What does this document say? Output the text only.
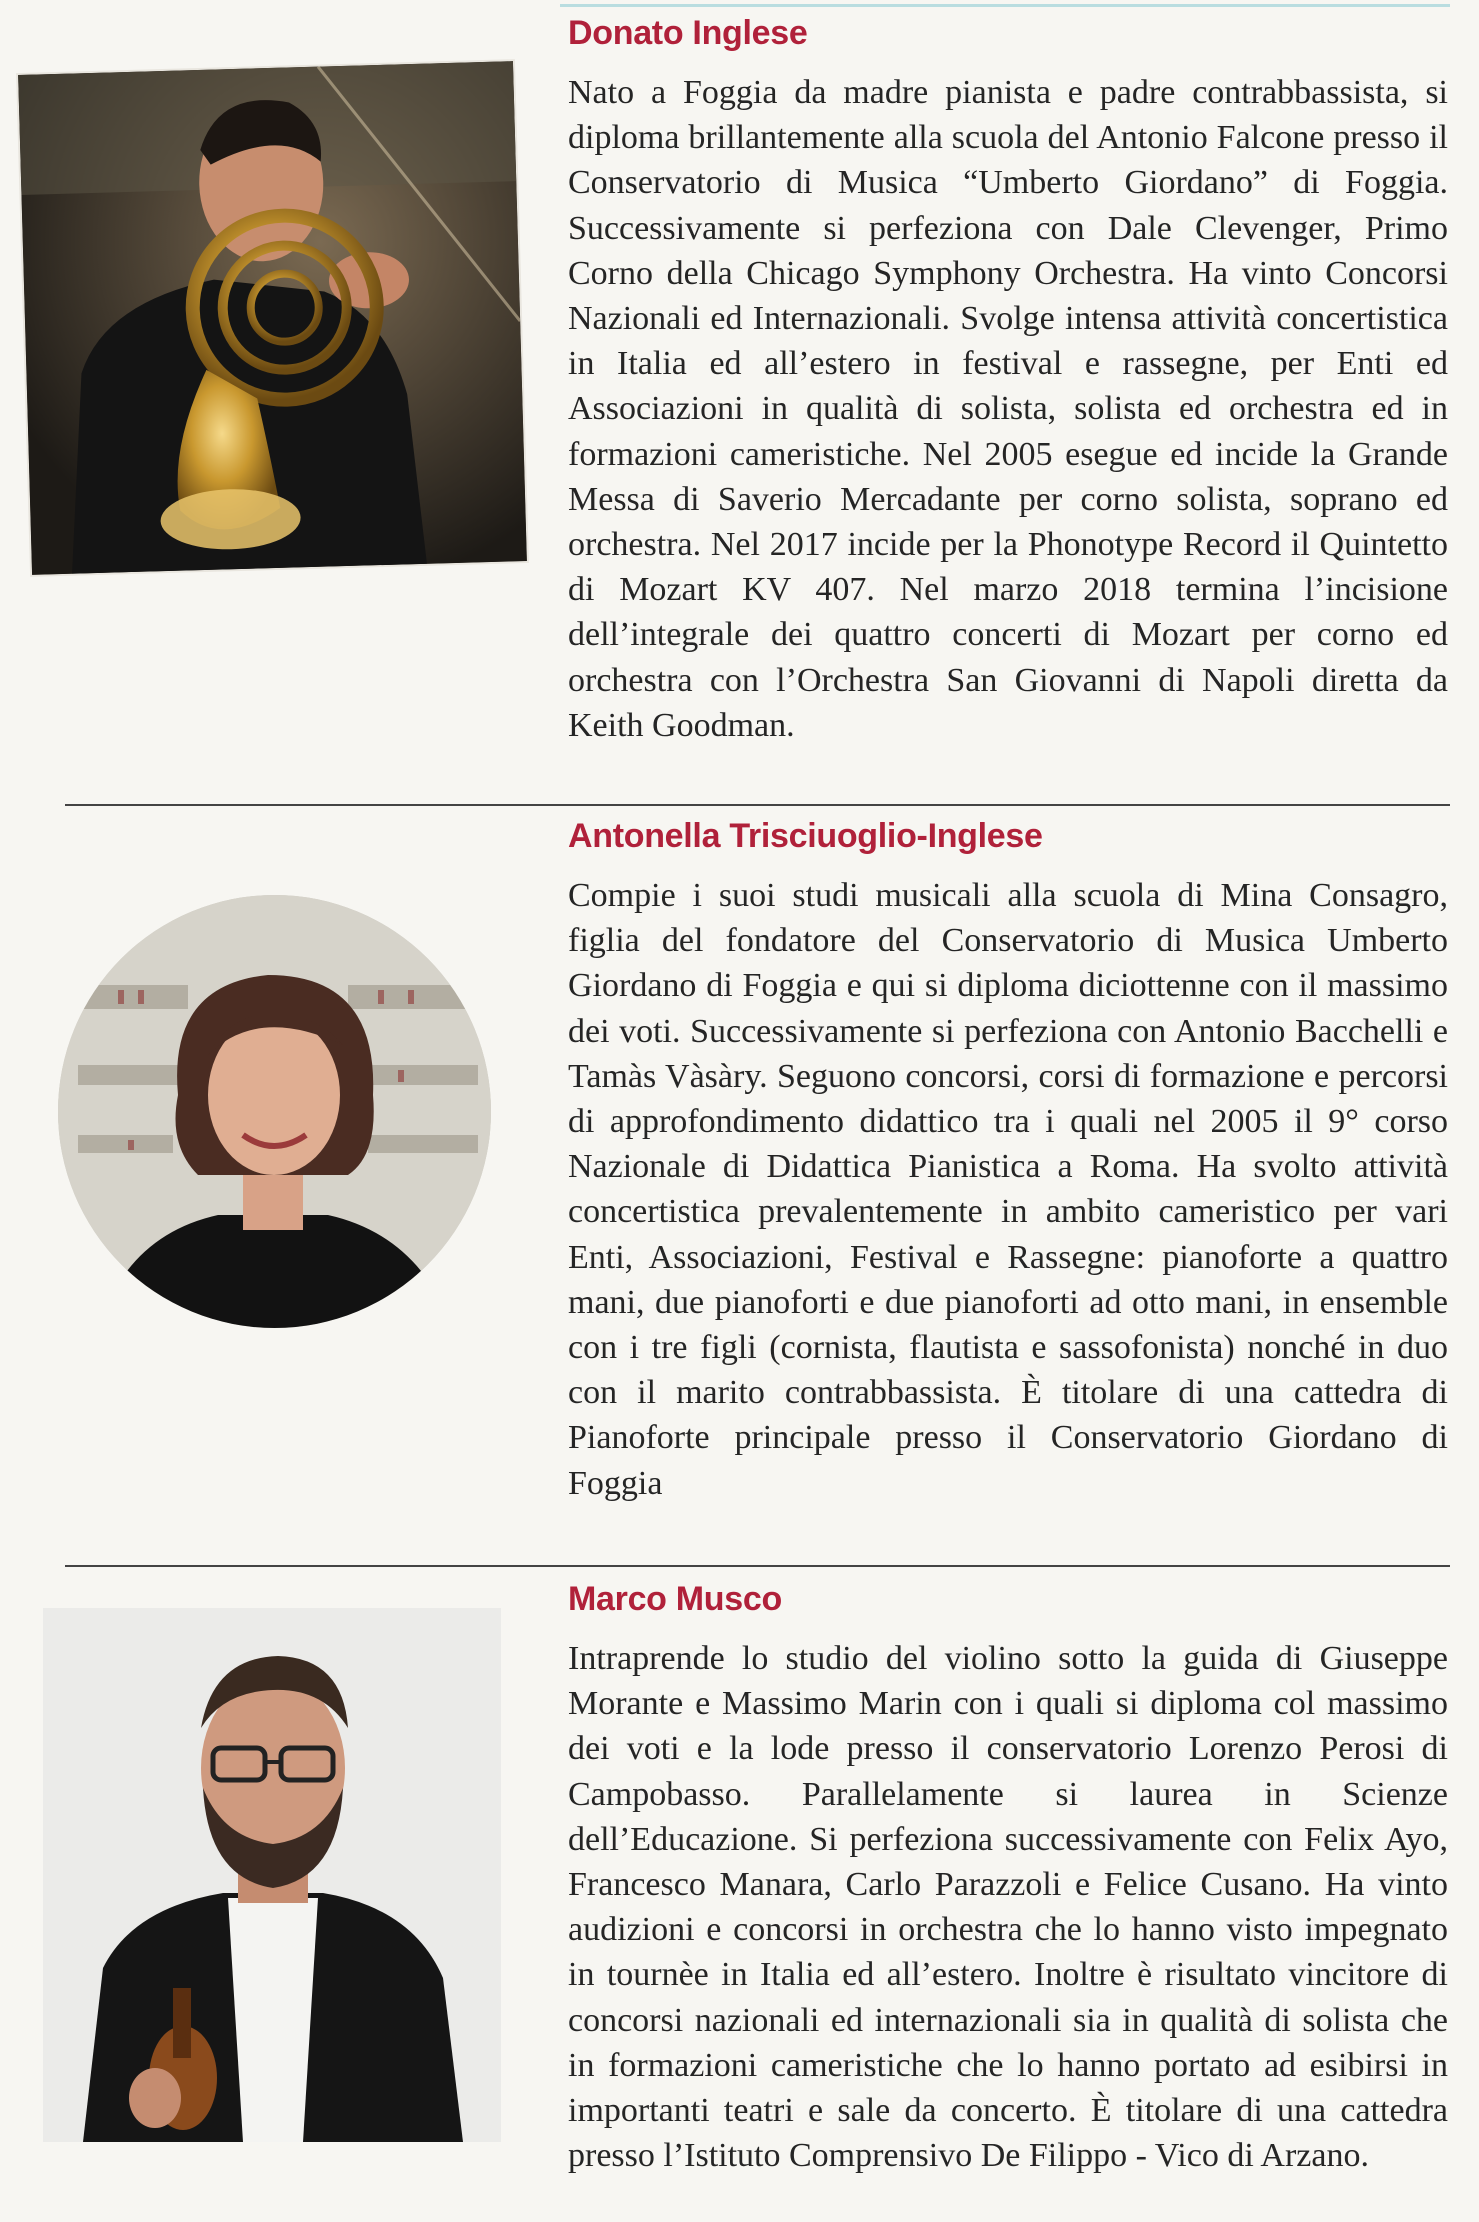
Donato Inglese

Nato a Foggia da madre pianista e padre contrabbassista, si diploma brillantemente alla scuola del Antonio Falcone presso il Conservatorio di Musica “Umberto Giordano” di Foggia. Successivamente si perfeziona con Dale Clevenger, Primo Corno della Chicago Symphony Orchestra. Ha vinto Concorsi Nazionali ed Internazionali. Svolge intensa attività concertistica in Italia ed all’estero in festival e rassegne, per Enti ed Associazioni in qualità di solista, solista ed orchestra ed in formazioni cameristiche. Nel 2005 esegue ed incide la Grande Messa di Saverio Mercadante per corno solista, soprano ed orchestra. Nel 2017 incide per la Phonotype Record il Quintetto di Mozart KV 407. Nel marzo 2018 termina l’incisione dell’integrale dei quattro concerti di Mozart per corno ed orchestra con l’Orchestra San Giovanni di Napoli diretta da Keith Goodman.

Antonella Trisciuoglio-Inglese

Compie i suoi studi musicali alla scuola di Mina Consagro, figlia del fondatore del Conservatorio di Musica Umberto Giordano di Foggia e qui si diploma diciottenne con il massimo dei voti. Successivamente si perfeziona con Antonio Bacchelli e Tamàs Vàsàry. Seguono concorsi, corsi di formazione e percorsi di approfondimento didattico tra i quali nel 2005 il 9° corso Nazionale di Didattica Pianistica a Roma. Ha svolto attività concertistica prevalentemente in ambito cameristico per vari Enti, Associazioni, Festival e Rassegne: pianoforte a quattro mani, due pianoforti e due pianoforti ad otto mani, in ensemble con i tre figli (cornista, flautista e sassofonista) nonché in duo con il marito contrabbassista. È titolare di una cattedra di Pianoforte principale presso il Conservatorio Giordano di Foggia

Marco Musco

Intraprende lo studio del violino sotto la guida di Giuseppe Morante e Massimo Marin con i quali si diploma col massimo dei voti e la lode presso il conservatorio Lorenzo Perosi di Campobasso. Parallelamente si laurea in Scienze dell’Educazione. Si perfeziona successivamente con Felix Ayo, Francesco Manara, Carlo Parazzoli e Felice Cusano. Ha vinto audizioni e concorsi in orchestra che lo hanno visto impegnato in tournèe in Italia ed all’estero. Inoltre è risultato vincitore di concorsi nazionali ed internazionali sia in qualità di solista che in formazioni cameristiche che lo hanno portato ad esibirsi in importanti teatri e sale da concerto. È titolare di una cattedra presso l’Istituto Comprensivo De Filippo - Vico di Arzano.
